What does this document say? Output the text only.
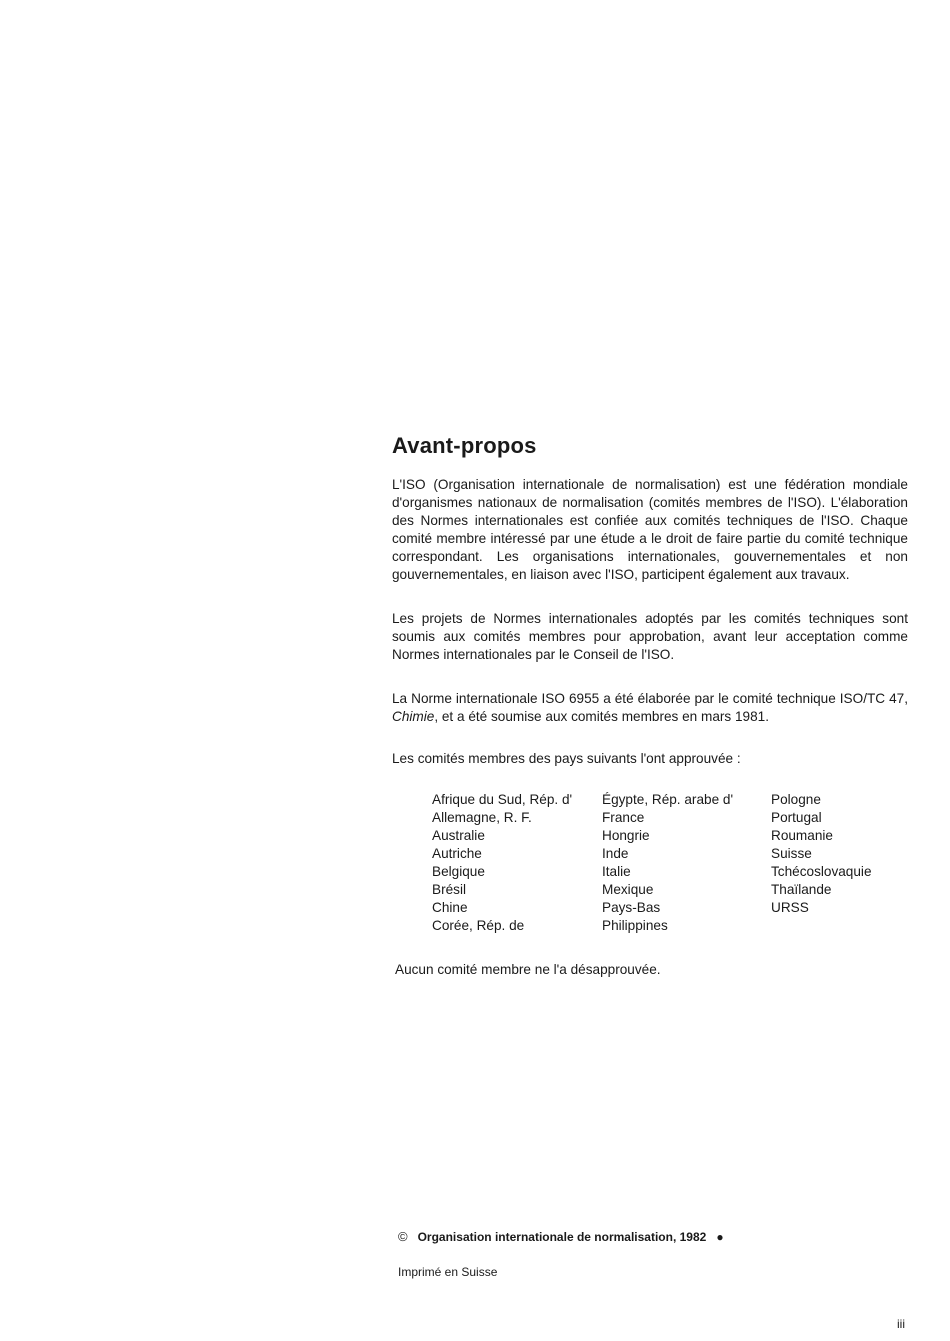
Avant-propos

L'ISO (Organisation internationale de normalisation) est une fédération mondiale d'organismes nationaux de normalisation (comités membres de l'ISO). L'élaboration des Normes internationales est confiée aux comités techniques de l'ISO. Chaque comité membre intéressé par une étude a le droit de faire partie du comité technique correspondant. Les organisations internationales, gouvernementales et non gouvernementales, en liaison avec l'ISO, participent également aux travaux.

Les projets de Normes internationales adoptés par les comités techniques sont soumis aux comités membres pour approbation, avant leur acceptation comme Normes internationales par le Conseil de l'ISO.

La Norme internationale ISO 6955 a été élaborée par le comité technique ISO/TC 47, Chimie, et a été soumise aux comités membres en mars 1981.

Les comités membres des pays suivants l'ont approuvée :

Afrique du Sud, Rép. d'
Allemagne, R. F.
Australie
Autriche
Belgique
Brésil
Chine
Corée, Rép. de
Égypte, Rép. arabe d'
France
Hongrie
Inde
Italie
Mexique
Pays-Bas
Philippines
Pologne
Portugal
Roumanie
Suisse
Tchécoslovaquie
Thaïlande
URSS

Aucun comité membre ne l'a désapprouvée.

© Organisation internationale de normalisation, 1982 ●
Imprimé en Suisse
iii
